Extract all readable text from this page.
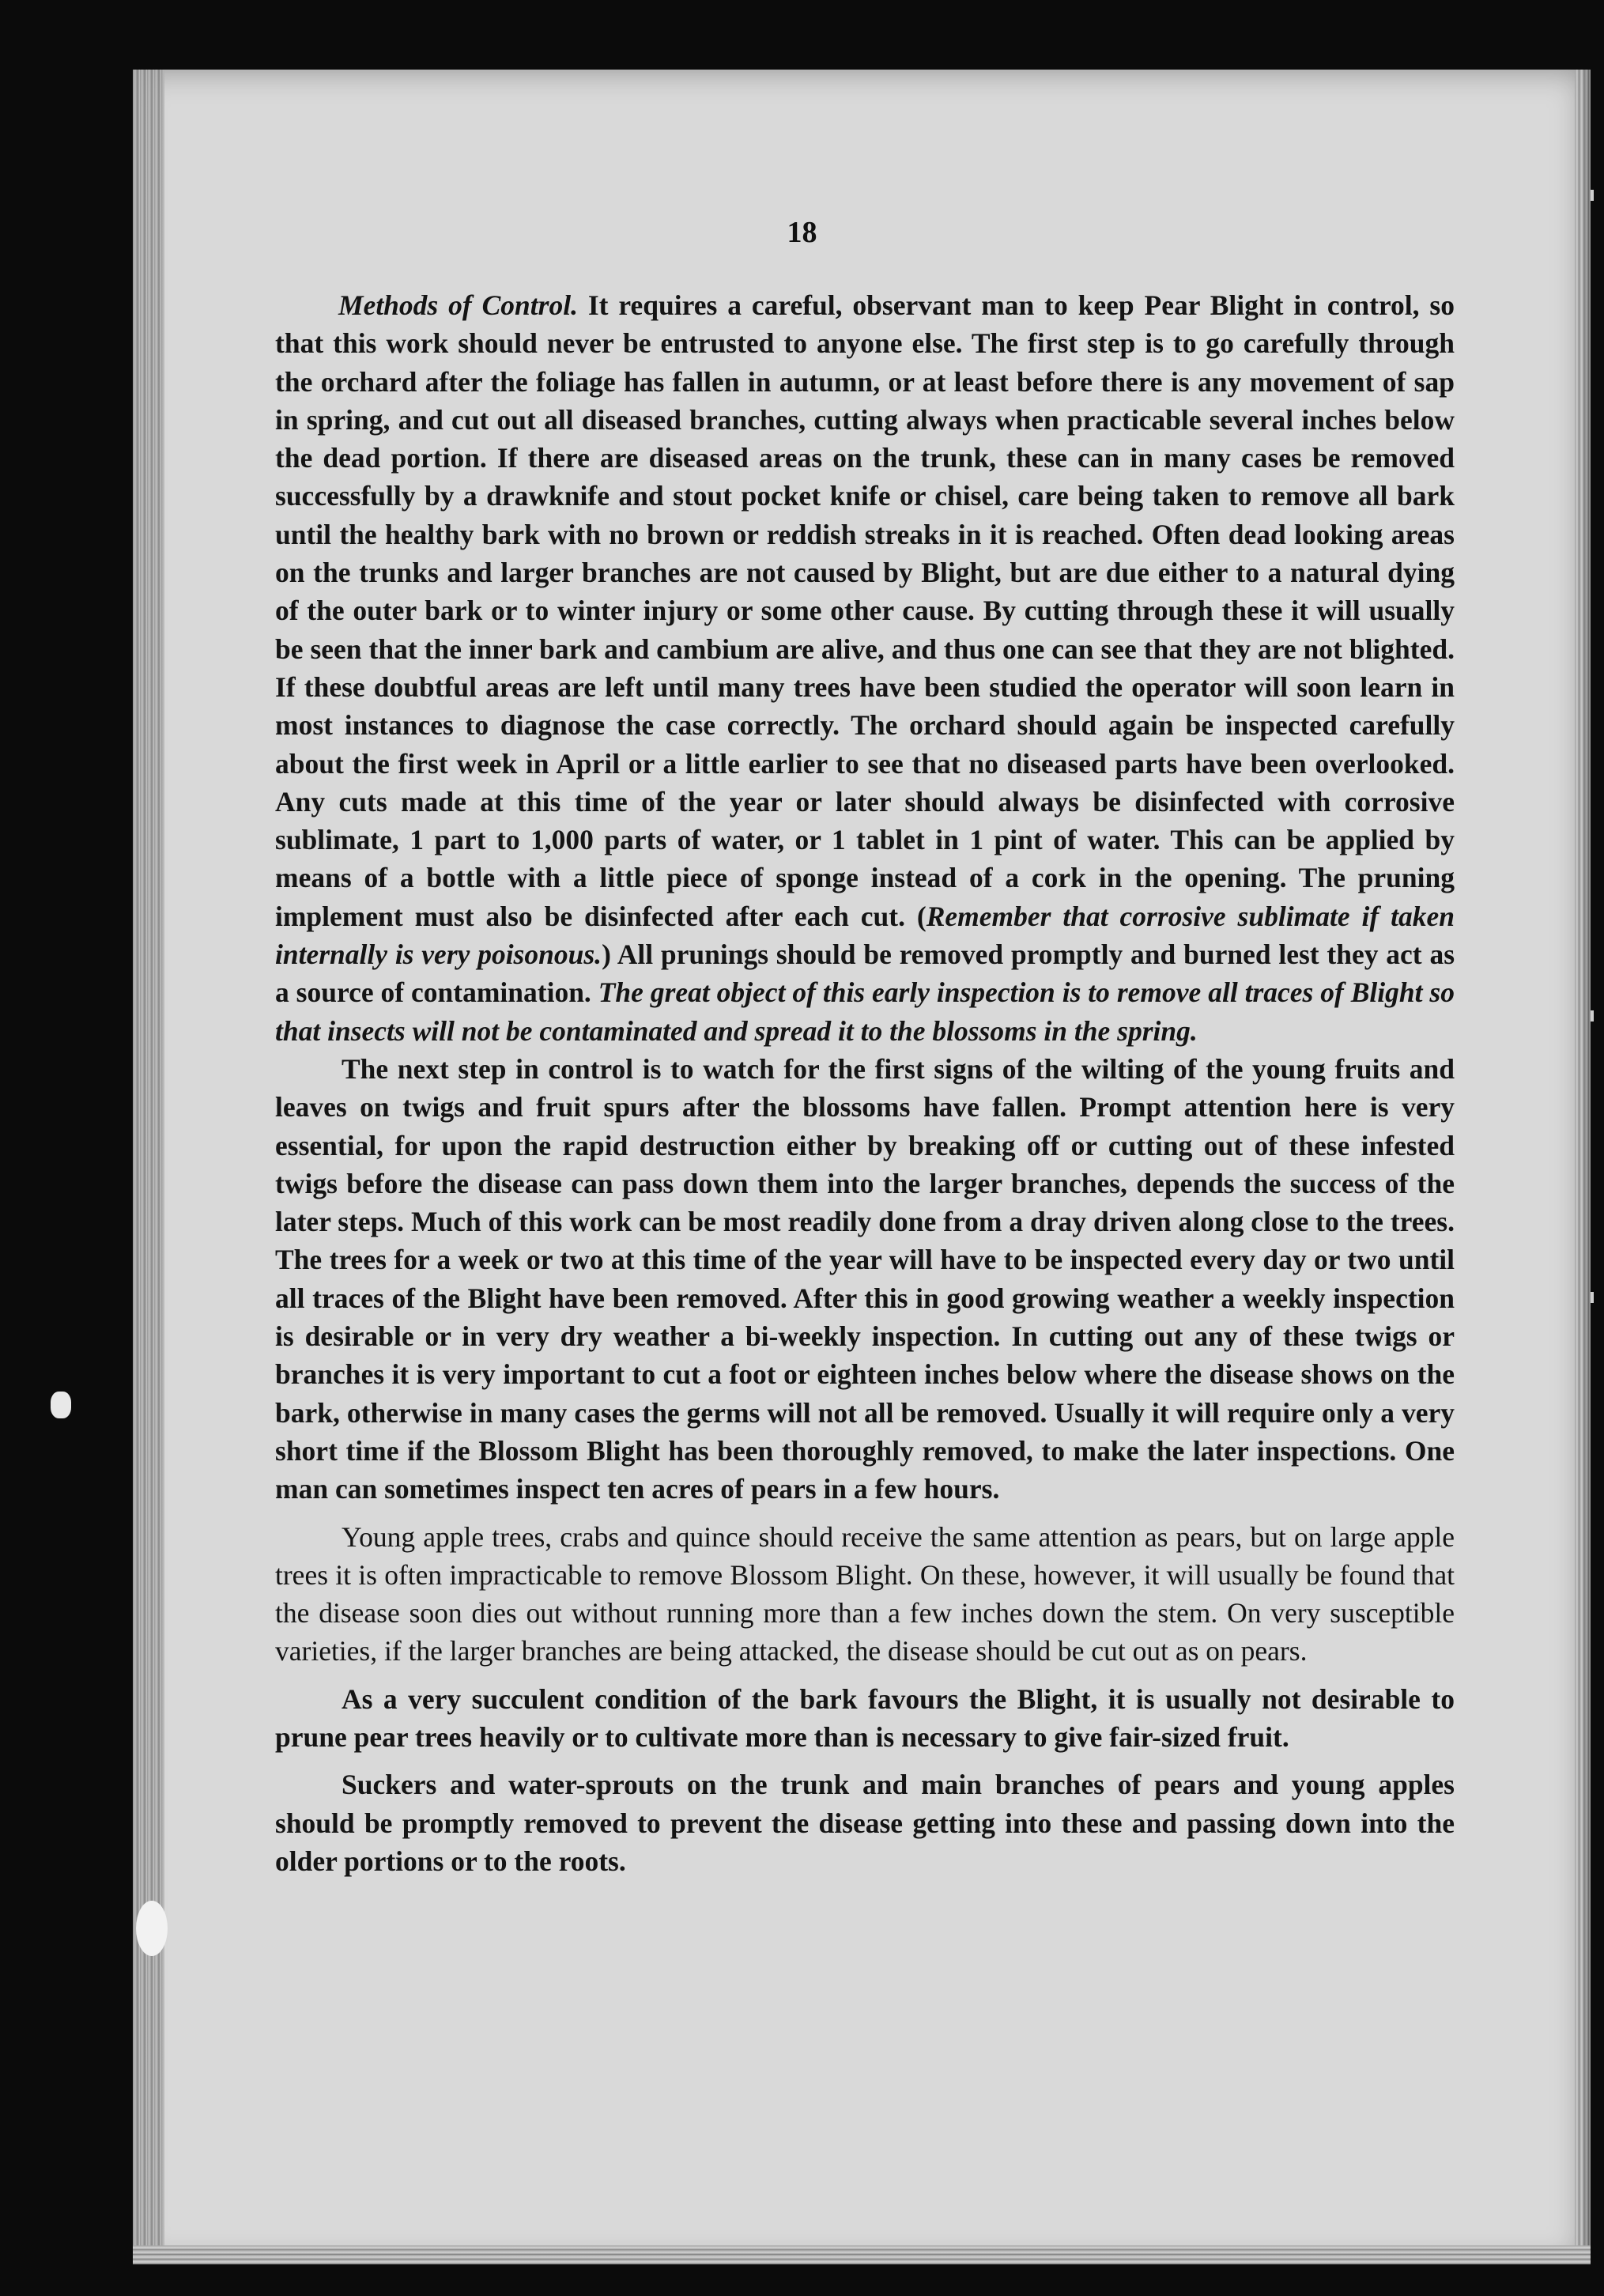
18

Methods of Control. It requires a careful, observant man to keep Pear Blight in control, so that this work should never be entrusted to anyone else. The first step is to go carefully through the orchard after the foliage has fallen in autumn, or at least before there is any movement of sap in spring, and cut out all diseased branches, cutting always when practicable several inches below the dead portion. If there are diseased areas on the trunk, these can in many cases be removed successfully by a drawknife and stout pocket knife or chisel, care being taken to remove all bark until the healthy bark with no brown or reddish streaks in it is reached. Often dead looking areas on the trunks and larger branches are not caused by Blight, but are due either to a natural dying of the outer bark or to winter injury or some other cause. By cutting through these it will usually be seen that the inner bark and cambium are alive, and thus one can see that they are not blighted. If these doubtful areas are left until many trees have been studied the operator will soon learn in most instances to diagnose the case correctly. The orchard should again be inspected carefully about the first week in April or a little earlier to see that no diseased parts have been overlooked. Any cuts made at this time of the year or later should always be disinfected with corrosive sublimate, 1 part to 1,000 parts of water, or 1 tablet in 1 pint of water. This can be applied by means of a bottle with a little piece of sponge instead of a cork in the opening. The pruning implement must also be disinfected after each cut. (Remember that corrosive sublimate if taken internally is very poisonous.) All prunings should be removed promptly and burned lest they act as a source of contamination. The great object of this early inspection is to remove all traces of Blight so that insects will not be contaminated and spread it to the blossoms in the spring.

The next step in control is to watch for the first signs of the wilting of the young fruits and leaves on twigs and fruit spurs after the blossoms have fallen. Prompt attention here is very essential, for upon the rapid destruction either by breaking off or cutting out of these infested twigs before the disease can pass down them into the larger branches, depends the success of the later steps. Much of this work can be most readily done from a dray driven along close to the trees. The trees for a week or two at this time of the year will have to be inspected every day or two until all traces of the Blight have been removed. After this in good growing weather a weekly inspection is desirable or in very dry weather a bi-weekly inspection. In cutting out any of these twigs or branches it is very important to cut a foot or eighteen inches below where the disease shows on the bark, otherwise in many cases the germs will not all be removed. Usually it will require only a very short time if the Blossom Blight has been thoroughly removed, to make the later inspections. One man can sometimes inspect ten acres of pears in a few hours.

Young apple trees, crabs and quince should receive the same attention as pears, but on large apple trees it is often impracticable to remove Blossom Blight. On these, however, it will usually be found that the disease soon dies out without running more than a few inches down the stem. On very susceptible varieties, if the larger branches are being attacked, the disease should be cut out as on pears.

As a very succulent condition of the bark favours the Blight, it is usually not desirable to prune pear trees heavily or to cultivate more than is necessary to give fair-sized fruit.

Suckers and water-sprouts on the trunk and main branches of pears and young apples should be promptly removed to prevent the disease getting into these and passing down into the older portions or to the roots.
